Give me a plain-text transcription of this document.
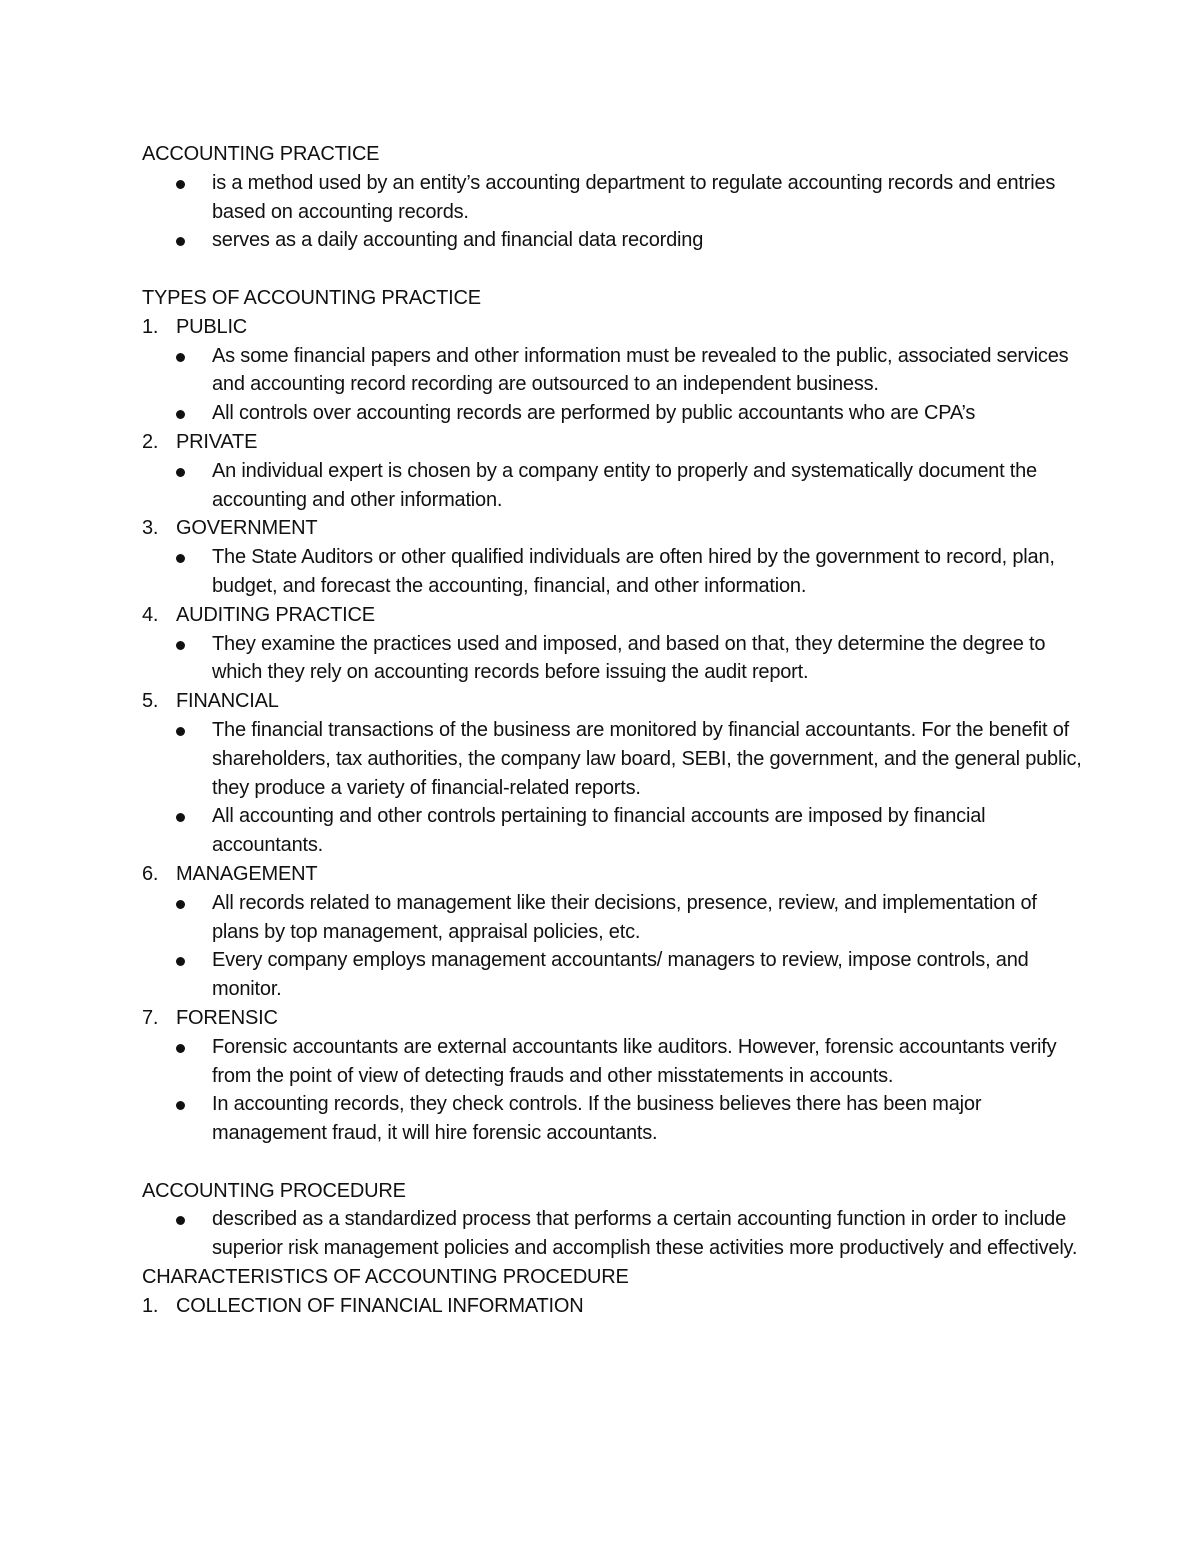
ACCOUNTING PRACTICE
is a method used by an entity’s accounting department to regulate accounting records and entries based on accounting records.
serves as a daily accounting and financial data recording
TYPES OF ACCOUNTING PRACTICE
1. PUBLIC
As some financial papers and other information must be revealed to the public, associated services and accounting record recording are outsourced to an independent business.
All controls over accounting records are performed by public accountants who are CPA’s
2. PRIVATE
An individual expert is chosen by a company entity to properly and systematically document the accounting and other information.
3. GOVERNMENT
The State Auditors or other qualified individuals are often hired by the government to record, plan, budget, and forecast the accounting, financial, and other information.
4. AUDITING PRACTICE
They examine the practices used and imposed, and based on that, they determine the degree to which they rely on accounting records before issuing the audit report.
5. FINANCIAL
The financial transactions of the business are monitored by financial accountants. For the benefit of shareholders, tax authorities, the company law board, SEBI, the government, and the general public, they produce a variety of financial-related reports.
All accounting and other controls pertaining to financial accounts are imposed by financial accountants.
6. MANAGEMENT
All records related to management like their decisions, presence, review, and implementation of plans by top management, appraisal policies, etc.
Every company employs management accountants/ managers to review, impose controls, and monitor.
7. FORENSIC
Forensic accountants are external accountants like auditors. However, forensic accountants verify from the point of view of detecting frauds and other misstatements in accounts.
In accounting records, they check controls. If the business believes there has been major management fraud, it will hire forensic accountants.
ACCOUNTING PROCEDURE
described as a standardized process that performs a certain accounting function in order to include superior risk management policies and accomplish these activities more productively and effectively.
CHARACTERISTICS OF ACCOUNTING PROCEDURE
1. COLLECTION OF FINANCIAL INFORMATION
